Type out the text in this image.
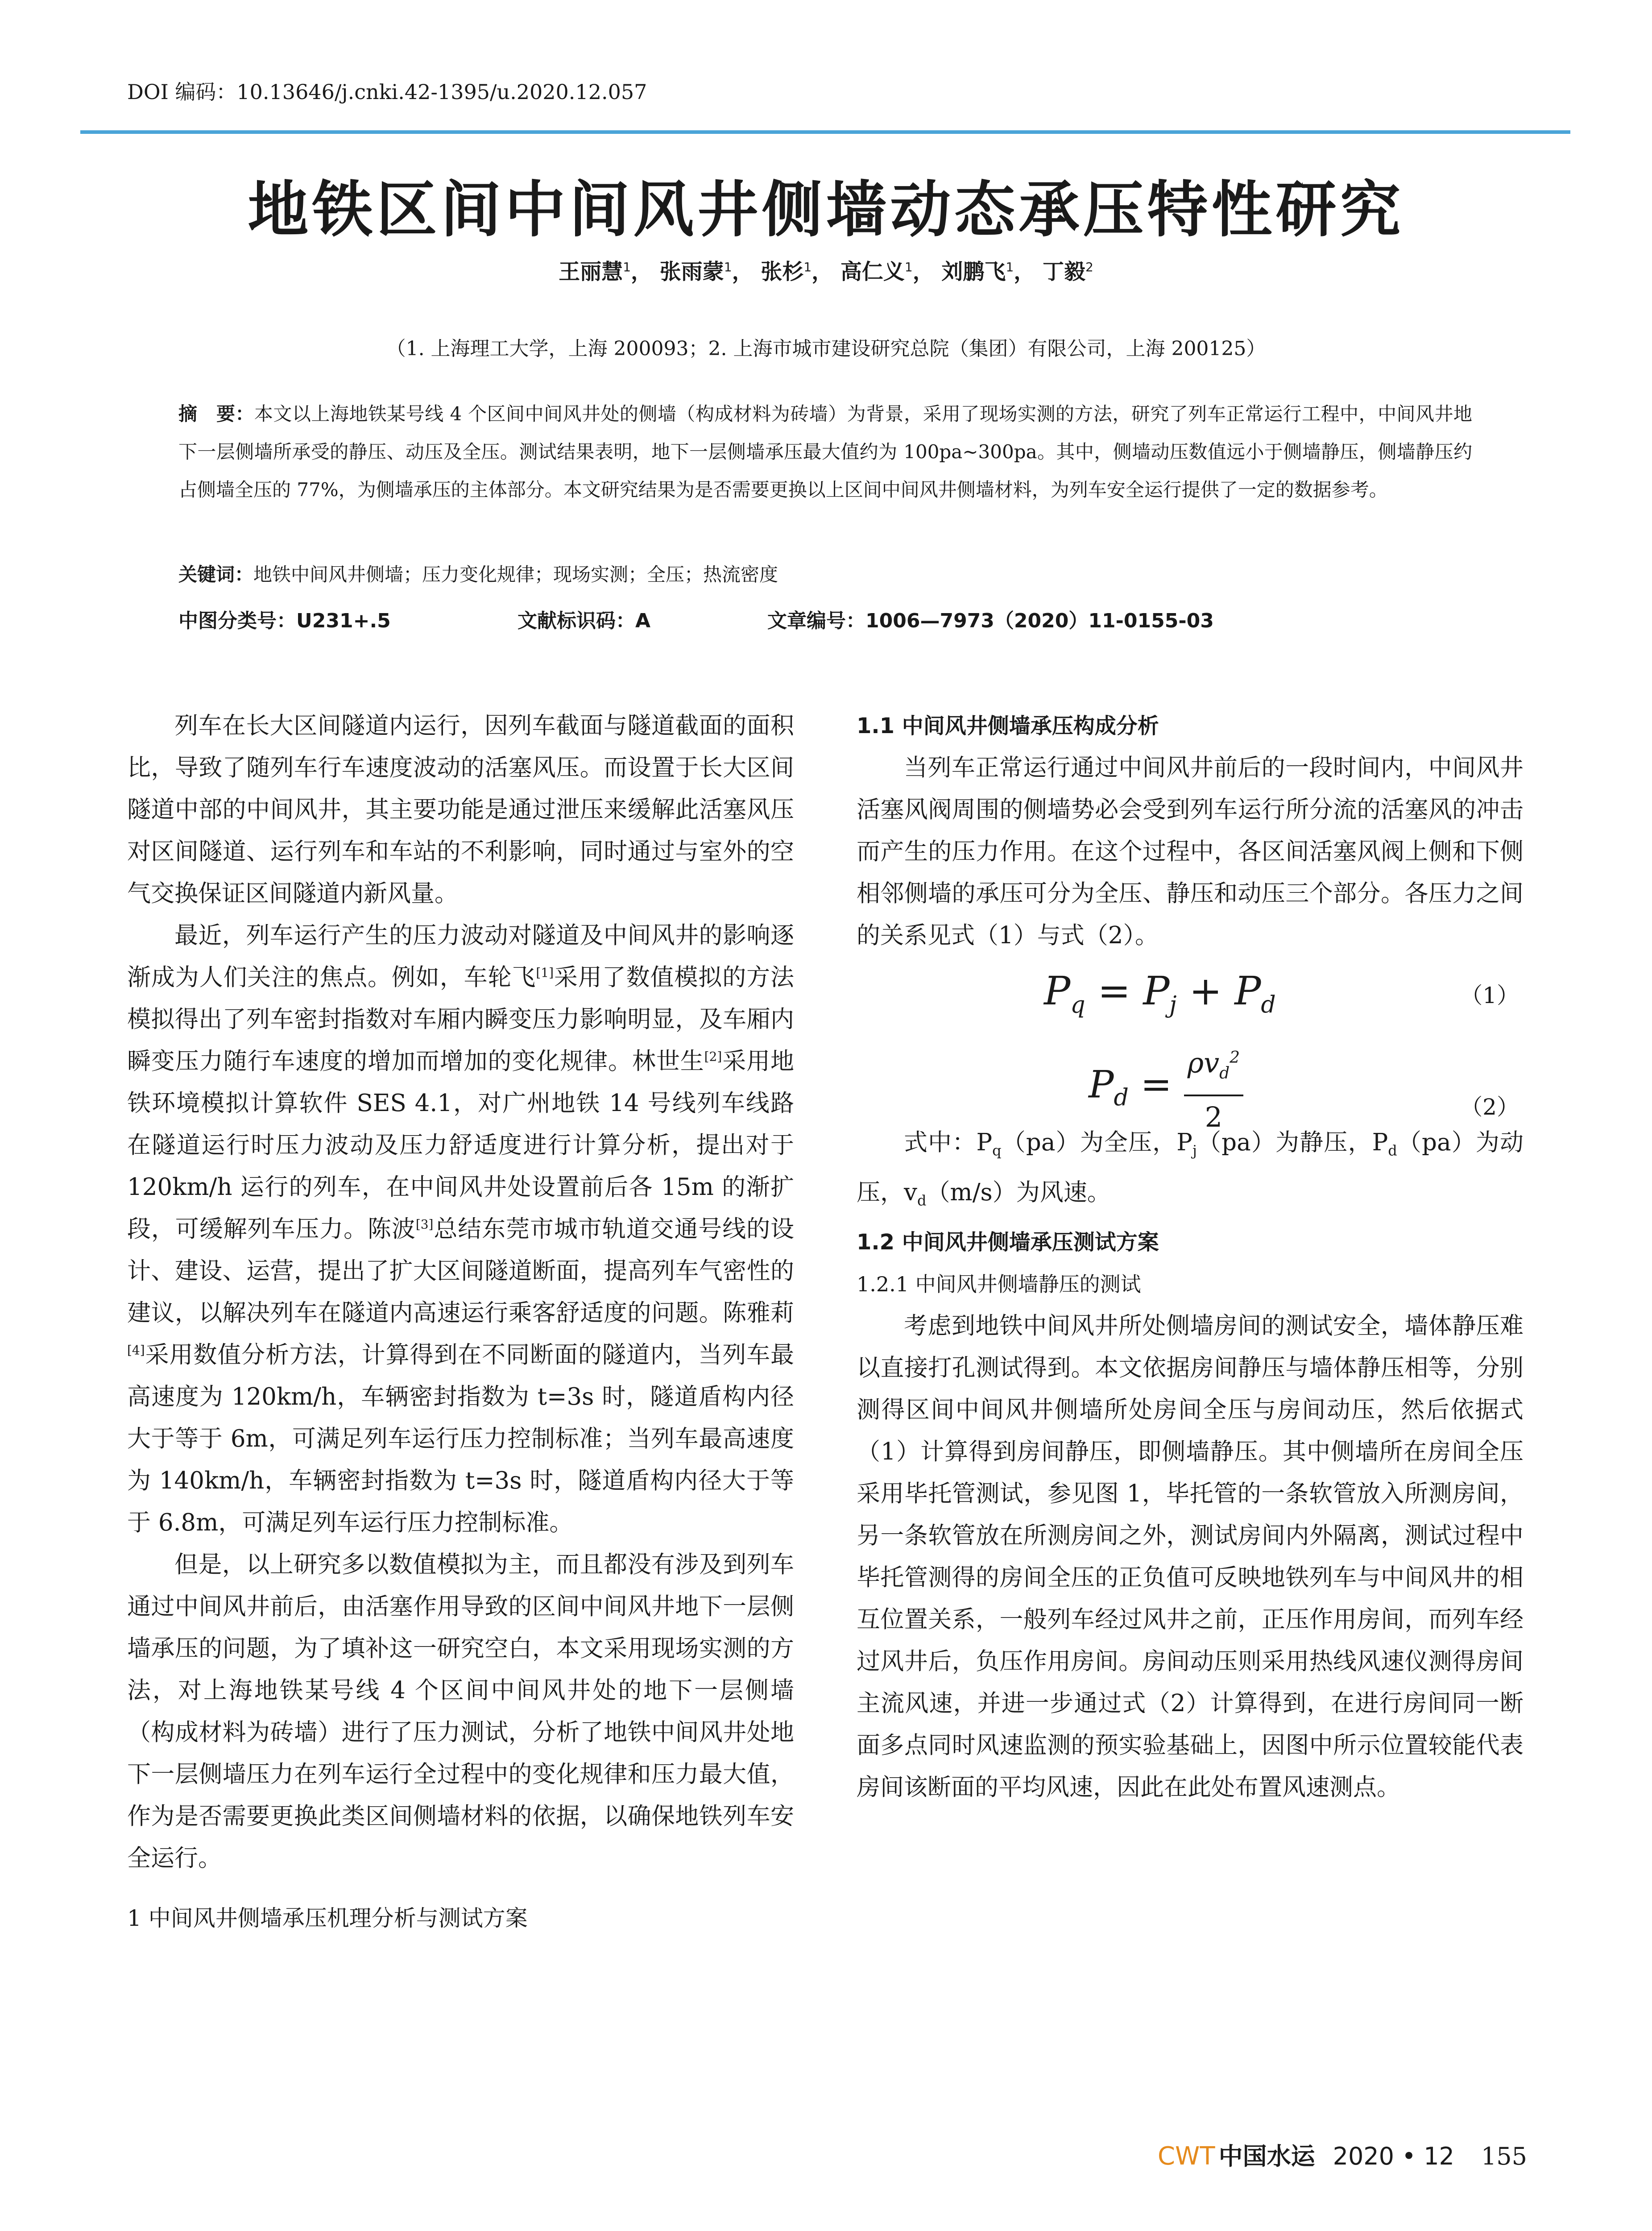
DOI 编码：10.13646/j.cnki.42-1395/u.2020.12.057
地铁区间中间风井侧墙动态承压特性研究
王丽慧$^1$， 张雨蒙$^1$， 张杉$^1$， 高仁义$^1$， 刘鹏飞$^1$， 丁毅$^2$
（1. 上海理工大学，上海 200093；2. 上海市城市建设研究总院（集团）有限公司，上海 200125）
摘　要：本文以上海地铁某号线 4 个区间中间风井处的侧墙（构成材料为砖墙）为背景，采用了现场实测的方法，研究了列车正常运行工程中，中间风井地下一层侧墙所承受的静压、动压及全压。测试结果表明，地下一层侧墙承压最大值约为 100pa~300pa。其中，侧墙动压数值远小于侧墙静压，侧墙静压约占侧墙全压的 77%，为侧墙承压的主体部分。本文研究结果为是否需要更换以上区间中间风井侧墙材料，为列车安全运行提供了一定的数据参考。
关键词：地铁中间风井侧墙；压力变化规律；现场实测；全压；热流密度
中图分类号：U231+.5	文献标识码：A	文章编号：1006—7973（2020）11-0155-03

列车在长大区间隧道内运行，因列车截面与隧道截面的面积比，导致了随列车行车速度波动的活塞风压。而设置于长大区间隧道中部的中间风井，其主要功能是通过泄压来缓解此活塞风压对区间隧道、运行列车和车站的不利影响，同时通过与室外的空气交换保证区间隧道内新风量。

最近，列车运行产生的压力波动对隧道及中间风井的影响逐渐成为人们关注的焦点。例如，车轮飞[1]采用了数值模拟的方法模拟得出了列车密封指数对车厢内瞬变压力影响明显，及车厢内瞬变压力随行车速度的增加而增加的变化规律。林世生[2]采用地铁环境模拟计算软件 SES 4.1，对广州地铁 14 号线列车线路在隧道运行时压力波动及压力舒适度进行计算分析，提出对于 120km/h 运行的列车，在中间风井处设置前后各 15m 的渐扩段，可缓解列车压力。陈波[3]总结东莞市城市轨道交通号线的设计、建设、运营，提出了扩大区间隧道断面，提高列车气密性的建议，以解决列车在隧道内高速运行乘客舒适度的问题。陈雅莉[4]采用数值分析方法，计算得到在不同断面的隧道内，当列车最高速度为 120km/h，车辆密封指数为 t=3s 时，隧道盾构内径大于等于 6m，可满足列车运行压力控制标准；当列车最高速度为 140km/h，车辆密封指数为 t=3s 时，隧道盾构内径大于等于 6.8m，可满足列车运行压力控制标准。

但是，以上研究多以数值模拟为主，而且都没有涉及到列车通过中间风井前后，由活塞作用导致的区间中间风井地下一层侧墙承压的问题，为了填补这一研究空白，本文采用现场实测的方法，对上海地铁某号线 4 个区间中间风井处的地下一层侧墙（构成材料为砖墙）进行了压力测试，分析了地铁中间风井处地下一层侧墙压力在列车运行全过程中的变化规律和压力最大值，作为是否需要更换此类区间侧墙材料的依据，以确保地铁列车安全运行。

1 中间风井侧墙承压机理分析与测试方案
1.1 中间风井侧墙承压构成分析

当列车正常运行通过中间风井前后的一段时间内，中间风井活塞风阀周围的侧墙势必会受到列车运行所分流的活塞风的冲击而产生的压力作用。在这个过程中，各区间活塞风阀上侧和下侧相邻侧墙的承压可分为全压、静压和动压三个部分。各压力之间的关系见式（1）与式（2）。

$P_q = P_j + P_d$	（1）
$P_d = \frac{\rho v_d^2}{2}$	（2）

式中：$P_q(pa)$为全压，$P_j(pa)$为静压，$P_d(pa)$为动压，$v_d(m/s)$为风速。

1.2 中间风井侧墙承压测试方案
1.2.1 中间风井侧墙静压的测试

考虑到地铁中间风井所处侧墙房间的测试安全，墙体静压难以直接打孔测试得到。本文依据房间静压与墙体静压相等，分别测得区间中间风井侧墙所处房间全压与房间动压，然后依据式（1）计算得到房间静压，即侧墙静压。其中侧墙所在房间全压采用毕托管测试，参见图 1，毕托管的一条软管放入所测房间，另一条软管放在所测房间之外，测试房间内外隔离，测试过程中毕托管测得的房间全压的正负值可反映地铁列车与中间风井的相互位置关系，一般列车经过风井之前，正压作用房间，而列车经过风井后，负压作用房间。房间动压则采用热线风速仪测得房间主流风速，并进一步通过式（2）计算得到，在进行房间同一断面多点同时风速监测的预实验基础上，因图中所示位置较能代表房间该断面的平均风速，因此在此处布置风速测点。

CWT 中国水运 2020 • 12 155
